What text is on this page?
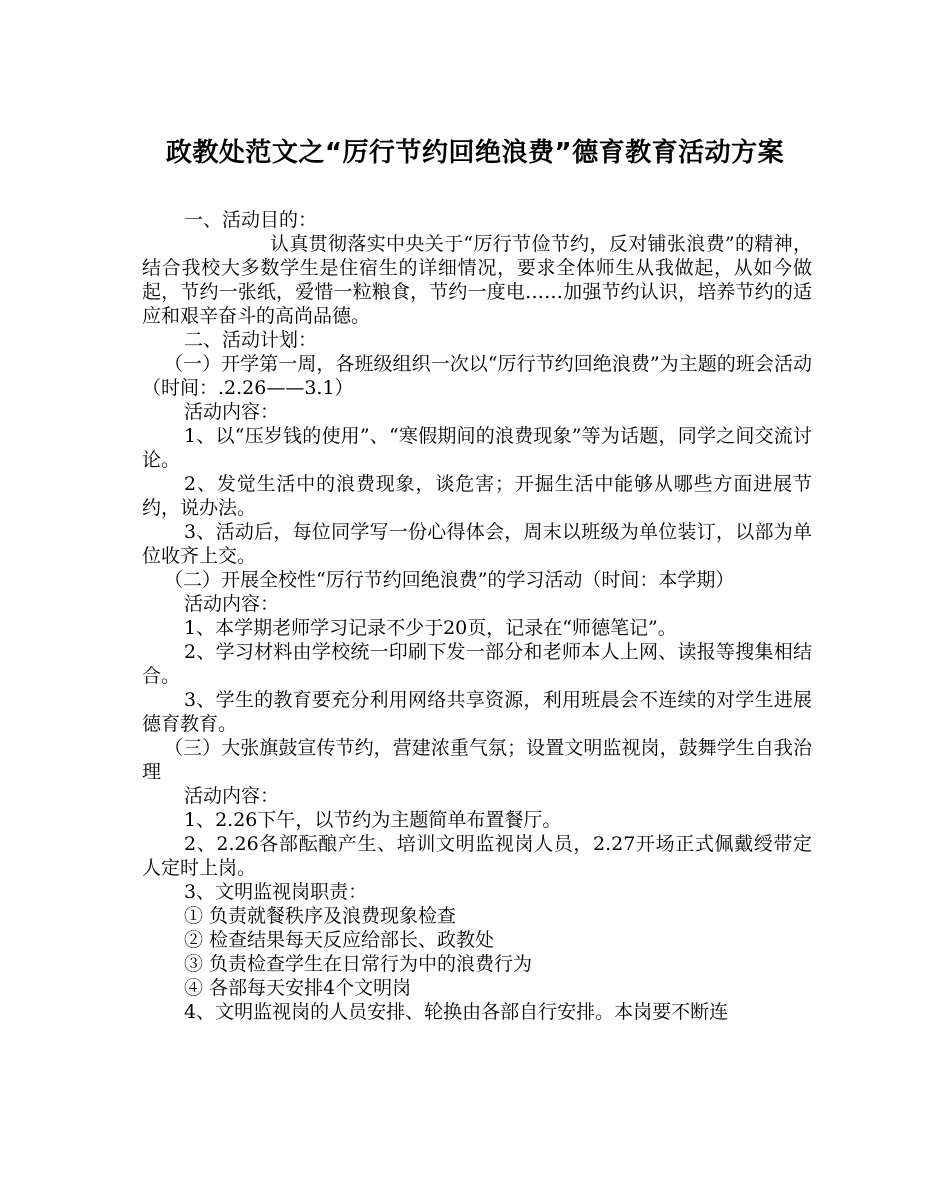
政教处范文之“厉行节约回绝浪费”德育教育活动方案

一、活动目的：

认真贯彻落实中央关于“厉行节俭节约，反对铺张浪费”的精神，结合我校大多数学生是住宿生的详细情况，要求全体师生从我做起，从如今做起，节约一张纸，爱惜一粒粮食，节约一度电……加强节约认识，培养节约的适应和艰辛奋斗的高尚品德。

二、活动计划：

（一）开学第一周，各班级组织一次以“厉行节约回绝浪费”为主题的班会活动（时间：.2.26——3.1）

活动内容：

1、以“压岁钱的使用”、“寒假期间的浪费现象”等为话题，同学之间交流讨论。

2、发觉生活中的浪费现象，谈危害；开掘生活中能够从哪些方面进展节约，说办法。

3、活动后，每位同学写一份心得体会，周末以班级为单位装订，以部为单位收齐上交。

（二）开展全校性“厉行节约回绝浪费”的学习活动（时间：本学期）

活动内容：

1、本学期老师学习记录不少于20页，记录在“师德笔记”。

2、学习材料由学校统一印刷下发一部分和老师本人上网、读报等搜集相结合。

3、学生的教育要充分利用网络共享资源，利用班晨会不连续的对学生进展德育教育。

（三）大张旗鼓宣传节约，营建浓重气氛；设置文明监视岗，鼓舞学生自我治理

活动内容：

1、2.26下午，以节约为主题简单布置餐厅。

2、2.26各部酝酿产生、培训文明监视岗人员，2.27开场正式佩戴绶带定人定时上岗。

3、文明监视岗职责：

① 负责就餐秩序及浪费现象检查

② 检查结果每天反应给部长、政教处

③ 负责检查学生在日常行为中的浪费行为

④ 各部每天安排4个文明岗

4、文明监视岗的人员安排、轮换由各部自行安排。本岗要不断连
